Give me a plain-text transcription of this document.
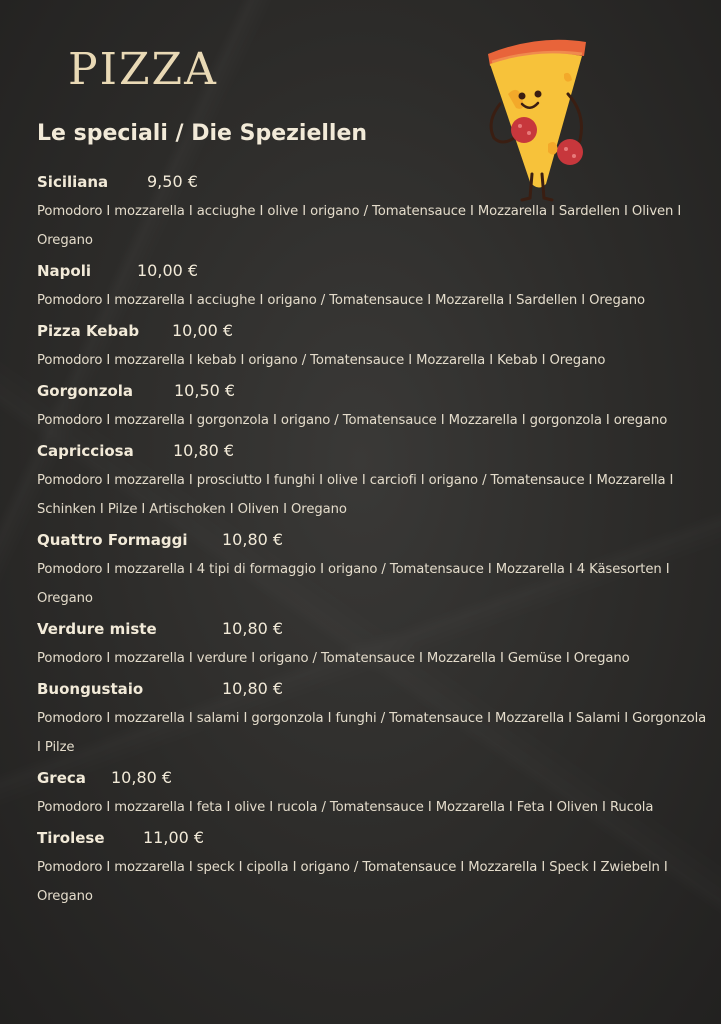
PIZZA
Le speciali / Die Speziellen
Siciliana 9,50 €
Pomodoro I mozzarella I acciughe I olive I origano / Tomatensauce I Mozzarella I Sardellen I Oliven I Oregano
Napoli	10,00 €
Pomodoro I mozzarella I acciughe I origano / Tomatensauce I Mozzarella I Sardellen I Oregano
Pizza Kebab 10,00 €
Pomodoro I mozzarella I kebab I origano / Tomatensauce I Mozzarella I Kebab I Oregano
Gorgonzola	10,50 €
Pomodoro I mozzarella I gorgonzola I origano / Tomatensauce I Mozzarella I gorgonzola I oregano
Capricciosa 10,80 €
Pomodoro I mozzarella I prosciutto I funghi I olive I carciofi I origano / Tomatensauce I Mozzarella I Schinken I Pilze I Artischoken I Oliven I Oregano
Quattro Formaggi 10,80 €
Pomodoro I mozzarella I 4 tipi di formaggio I origano / Tomatensauce I Mozzarella I 4 Käsesorten I Oregano
Verdure miste	10,80 €
Pomodoro I mozzarella I verdure I origano / Tomatensauce I Mozzarella I Gemüse I Oregano
Buongustaio	10,80 €
Pomodoro I mozzarella I salami I gorgonzola I funghi / Tomatensauce I Mozzarella I Salami I Gorgonzola I Pilze
Greca 10,80 €
Pomodoro I mozzarella I feta I olive I rucola / Tomatensauce I Mozzarella I Feta I Oliven I Rucola
Tirolese 11,00 €
Pomodoro I mozzarella I speck I cipolla I origano / Tomatensauce I Mozzarella I Speck I Zwiebeln I Oregano
